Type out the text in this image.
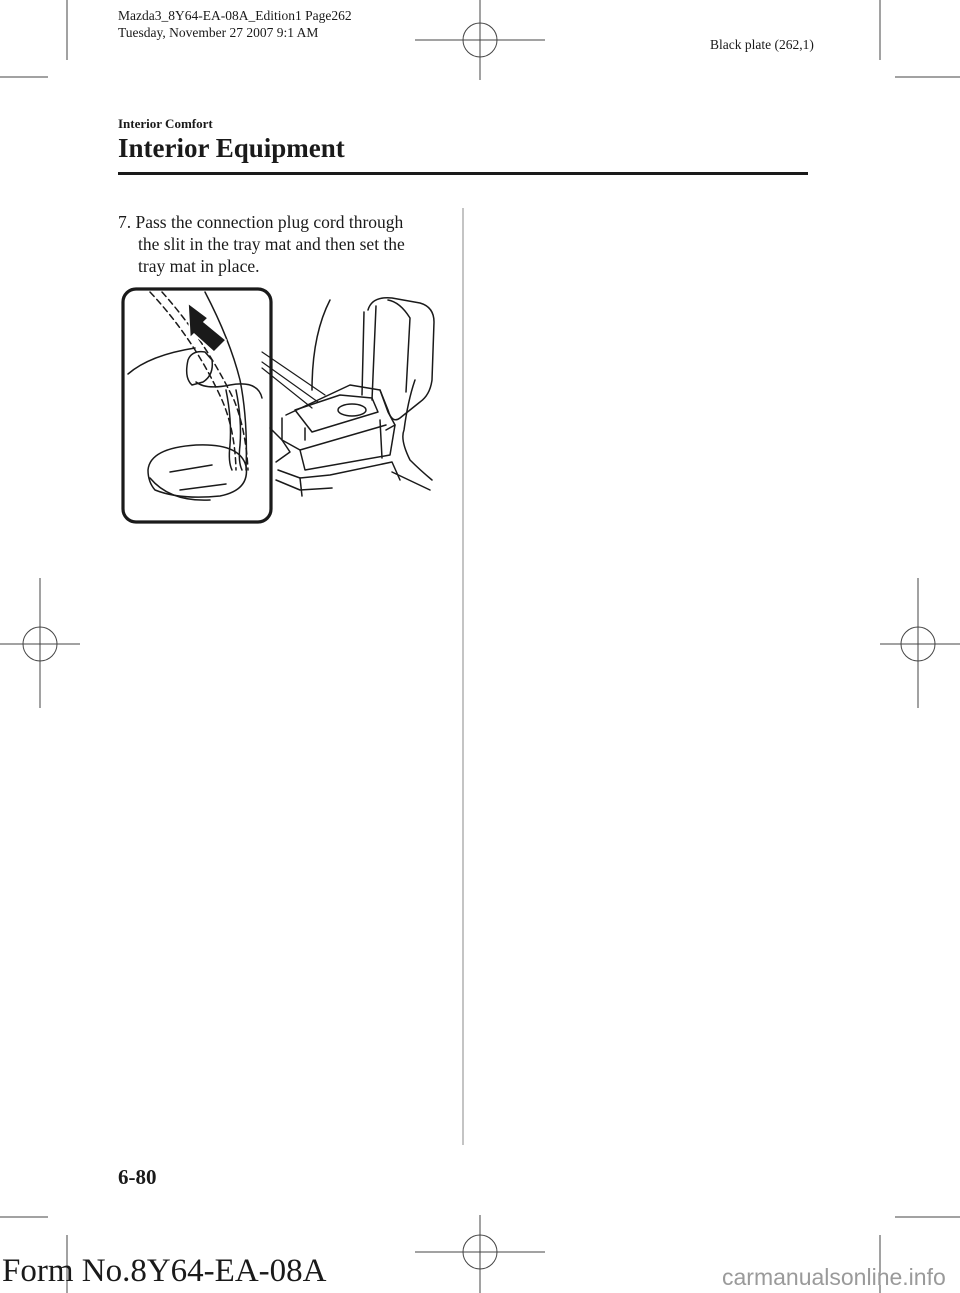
Mazda3_8Y64-EA-08A_Edition1 Page262
Tuesday, November 27 2007 9:1 AM
Black plate (262,1)
Interior Comfort
Interior Equipment
7. Pass the connection plug cord through
the slit in the tray mat and then set the
tray mat in place.
6-80
Form No.8Y64-EA-08A	carmanualsonline.info
